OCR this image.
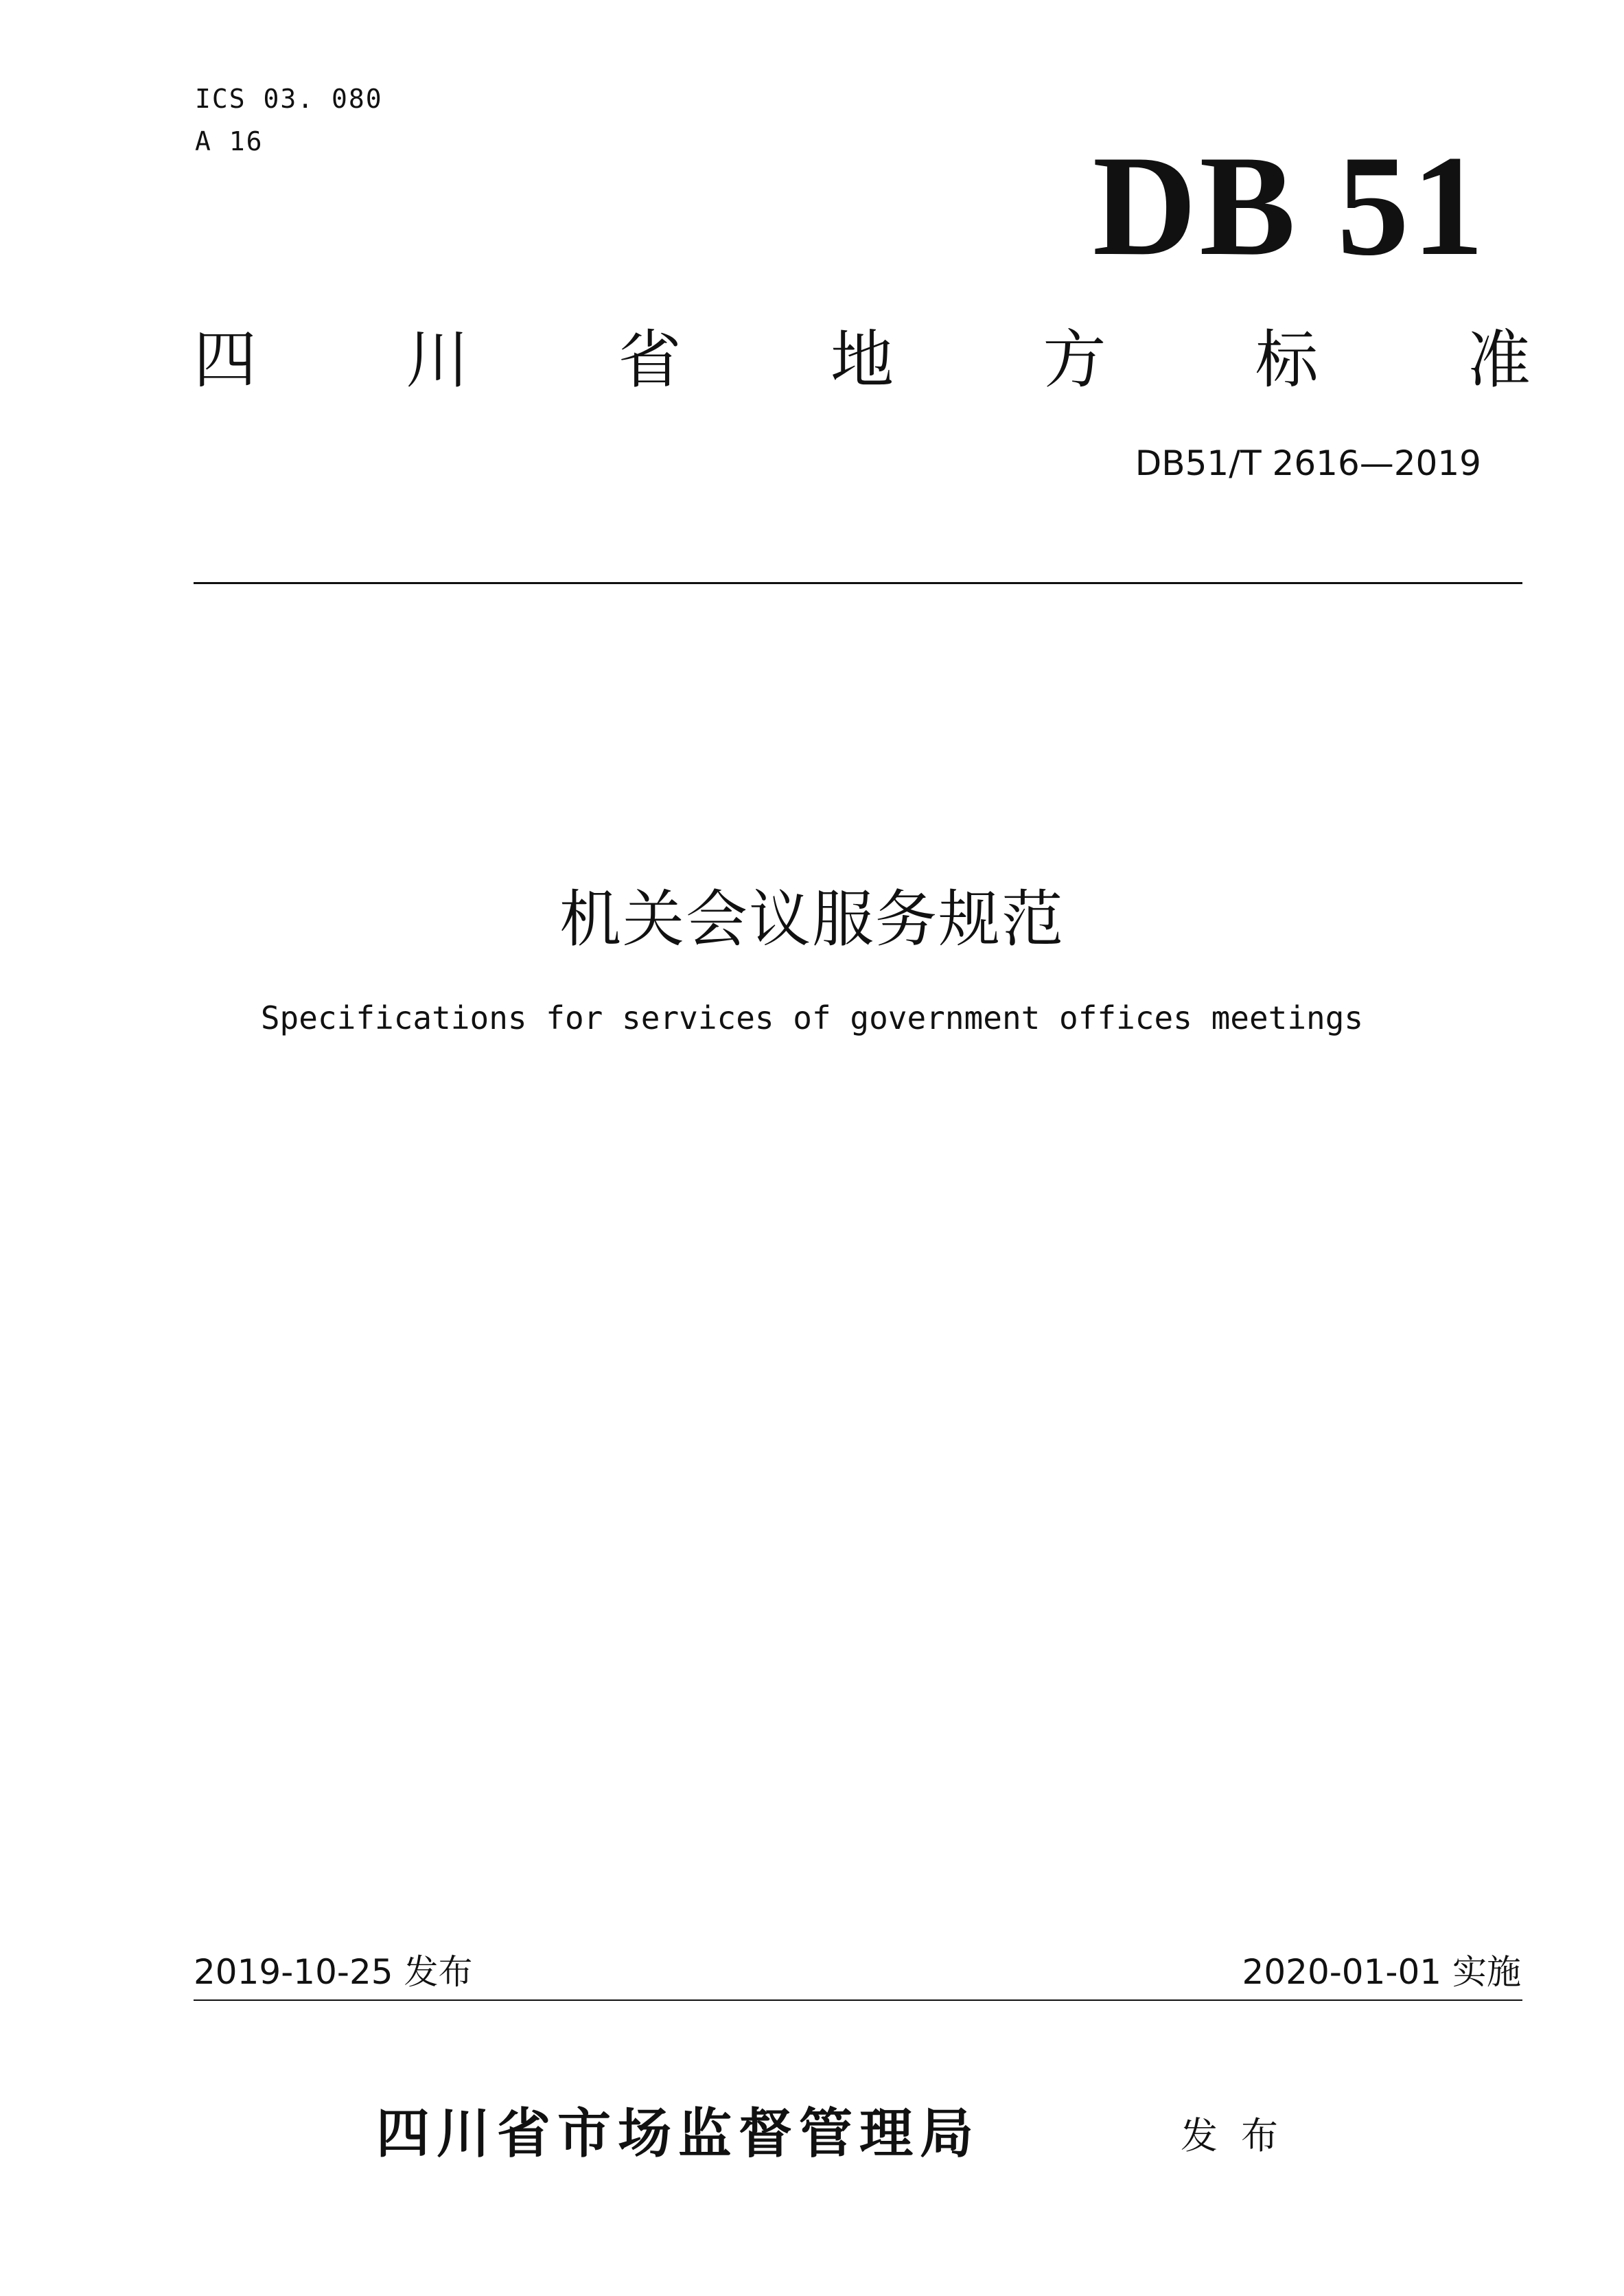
ICS 03. 080
A 16	DB 51
四 川 省 地 方 标 准
DB51/T 2616—2019
机关会议服务规范
Specifications for services of government offices meetings
2019-10-25 发布	2020-01-01 实施
四川省市场监督管理局	发布
